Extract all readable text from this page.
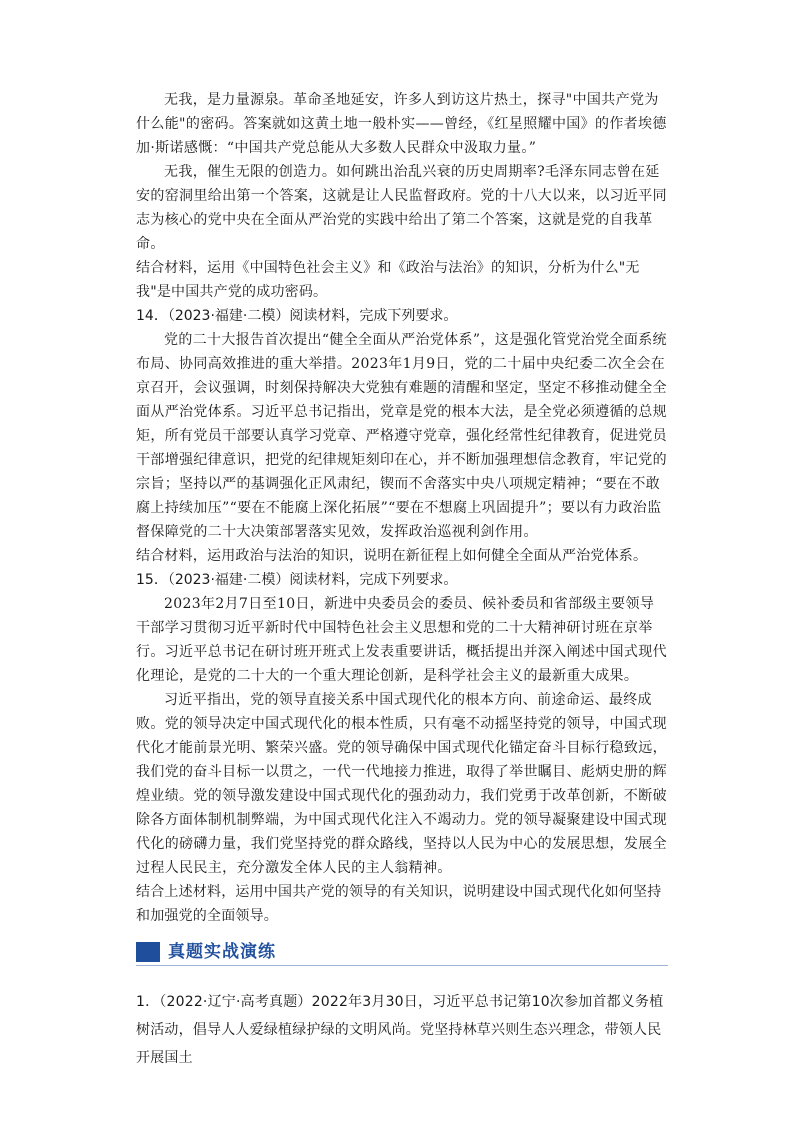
无我，是力量源泉。革命圣地延安，许多人到访这片热土，探寻"中国共产党为什么能"的密码。答案就如这黄土地一般朴实——曾经，《红星照耀中国》的作者埃德加·斯诺感慨：“中国共产党总能从大多数人民群众中汲取力量。”

无我，催生无限的创造力。如何跳出治乱兴衰的历史周期率?毛泽东同志曾在延安的窑洞里给出第一个答案，这就是让人民监督政府。党的十八大以来，以习近平同志为核心的党中央在全面从严治党的实践中给出了第二个答案，这就是党的自我革命。

结合材料，运用《中国特色社会主义》和《政治与法治》的知识，分析为什么"无我"是中国共产党的成功密码。

14．（2023·福建·二模）阅读材料，完成下列要求。

党的二十大报告首次提出“健全全面从严治党体系”，这是强化管党治党全面系统布局、协同高效推进的重大举措。2023年1月9日，党的二十届中央纪委二次全会在京召开，会议强调，时刻保持解决大党独有难题的清醒和坚定，坚定不移推动健全全面从严治党体系。习近平总书记指出，党章是党的根本大法，是全党必须遵循的总规矩，所有党员干部要认真学习党章、严格遵守党章，强化经常性纪律教育，促进党员干部增强纪律意识，把党的纪律规矩刻印在心，并不断加强理想信念教育，牢记党的宗旨；坚持以严的基调强化正风肃纪，锲而不舍落实中央八项规定精神；“要在不敢腐上持续加压”“要在不能腐上深化拓展”“要在不想腐上巩固提升”；要以有力政治监督保障党的二十大决策部署落实见效，发挥政治巡视利剑作用。

结合材料，运用政治与法治的知识，说明在新征程上如何健全全面从严治党体系。

15．（2023·福建·二模）阅读材料，完成下列要求。

2023年2月7日至10日，新进中央委员会的委员、候补委员和省部级主要领导干部学习贯彻习近平新时代中国特色社会主义思想和党的二十大精神研讨班在京举行。习近平总书记在研讨班开班式上发表重要讲话，概括提出并深入阐述中国式现代化理论，是党的二十大的一个重大理论创新，是科学社会主义的最新重大成果。

习近平指出，党的领导直接关系中国式现代化的根本方向、前途命运、最终成败。党的领导决定中国式现代化的根本性质，只有毫不动摇坚持党的领导，中国式现代化才能前景光明、繁荣兴盛。党的领导确保中国式现代化锚定奋斗目标行稳致远，我们党的奋斗目标一以贯之，一代一代地接力推进，取得了举世瞩目、彪炳史册的辉煌业绩。党的领导激发建设中国式现代化的强劲动力，我们党勇于改革创新，不断破除各方面体制机制弊端，为中国式现代化注入不竭动力。党的领导凝聚建设中国式现代化的磅礴力量，我们党坚持党的群众路线，坚持以人民为中心的发展思想，发展全过程人民民主，充分激发全体人民的主人翁精神。

结合上述材料，运用中国共产党的领导的有关知识，说明建设中国式现代化如何坚持和加强党的全面领导。

真题实战演练

1．（2022·辽宁·高考真题）2022年3月30日，习近平总书记第10次参加首都义务植树活动，倡导人人爱绿植绿护绿的文明风尚。党坚持林草兴则生态兴理念，带领人民开展国土
